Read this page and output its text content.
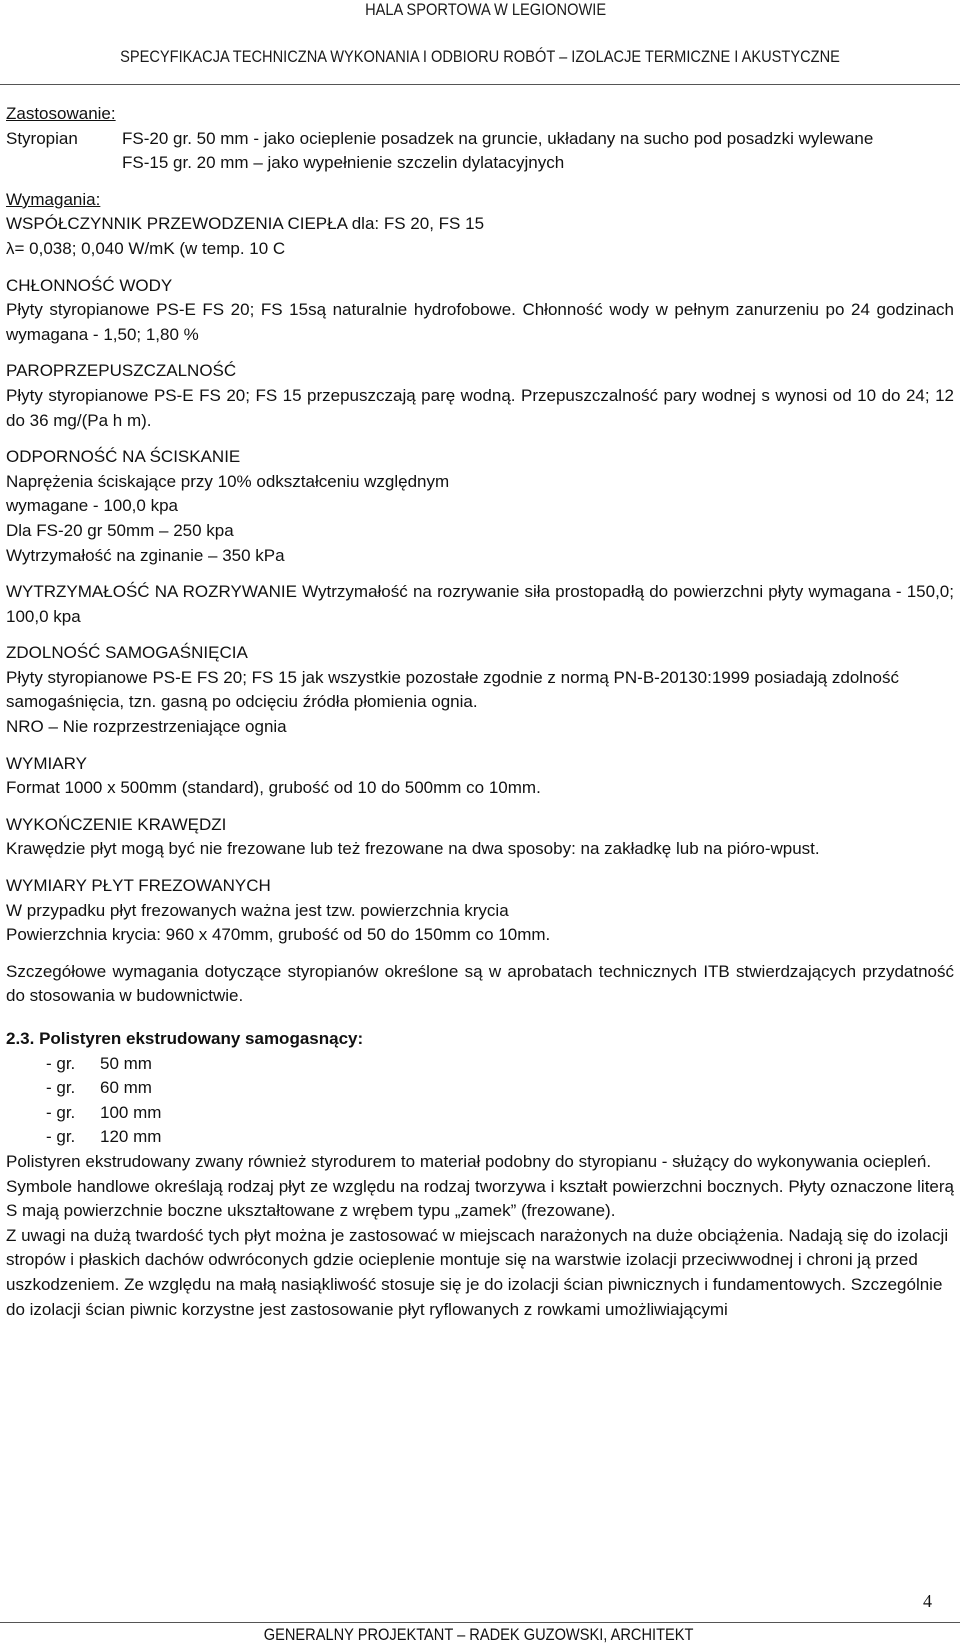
HALA SPORTOWA W LEGIONOWIE
SPECYFIKACJA TECHNICZNA WYKONANIA I ODBIORU ROBÓT – IZOLACJE TERMICZNE I AKUSTYCZNE

Zastosowanie:

Styropian	FS-20 gr. 50 mm - jako ocieplenie posadzek na gruncie, układany na sucho pod posadzki wylewane

FS-15 gr. 20 mm – jako wypełnienie szczelin dylatacyjnych

Wymagania:

WSPÓŁCZYNNIK PRZEWODZENIA CIEPŁA dla: FS 20, FS 15

λ= 0,038; 0,040 W/mK (w temp. 10 C

CHŁONNOŚĆ WODY

Płyty styropianowe PS-E FS 20; FS 15są naturalnie hydrofobowe. Chłonność wody w pełnym zanurzeniu po 24 godzinach wymagana - 1,50; 1,80 %

PAROPRZEPUSZCZALNOŚĆ

Płyty styropianowe PS-E FS 20; FS 15 przepuszczają parę wodną. Przepuszczalność pary wodnej s wynosi od 10 do 24; 12 do 36 mg/(Pa h m).

ODPORNOŚĆ NA ŚCISKANIE

Naprężenia ściskające przy 10% odkształceniu względnym

wymagane - 100,0 kpa

Dla FS-20 gr 50mm – 250 kpa

Wytrzymałość na zginanie – 350 kPa

WYTRZYMAŁOŚĆ NA ROZRYWANIE Wytrzymałość na rozrywanie siła prostopadłą do powierzchni płyty wymagana - 150,0; 100,0 kpa

ZDOLNOŚĆ SAMOGAŚNIĘCIA

Płyty styropianowe PS-E FS 20; FS 15 jak wszystkie pozostałe zgodnie z normą PN-B-20130:1999 posiadają zdolność samogaśnięcia, tzn. gasną po odcięciu źródła płomienia ognia.

NRO – Nie rozprzestrzeniające ognia

WYMIARY

Format 1000 x 500mm (standard), grubość od 10 do 500mm co 10mm.

WYKOŃCZENIE KRAWĘDZI

Krawędzie płyt mogą być nie frezowane lub też frezowane na dwa sposoby: na zakładkę lub na pióro-wpust.

WYMIARY PŁYT FREZOWANYCH

W przypadku płyt frezowanych ważna jest tzw. powierzchnia krycia

Powierzchnia krycia: 960 x 470mm, grubość od 50 do 150mm co 10mm.

Szczegółowe wymagania dotyczące styropianów określone są w aprobatach technicznych ITB stwierdzających przydatność do stosowania w budownictwie.

2.3. Polistyren ekstrudowany samogasnący:

- gr. 50 mm

- gr. 60 mm

- gr. 100 mm

- gr. 120 mm

Polistyren ekstrudowany zwany również styrodurem to materiał podobny do styropianu - służący do wykonywania ociepleń.

Symbole handlowe określają rodzaj płyt ze względu na rodzaj tworzywa i kształt powierzchni bocznych. Płyty oznaczone literą S mają powierzchnie boczne ukształtowane z wrębem typu „zamek” (frezowane).

Z uwagi na dużą twardość tych płyt można je zastosować w miejscach narażonych na duże obciążenia. Nadają się do izolacji stropów i płaskich dachów odwróconych gdzie ocieplenie montuje się na warstwie izolacji przeciwwodnej i chroni ją przed uszkodzeniem. Ze względu na małą nasiąkliwość stosuje się je do izolacji ścian piwnicznych i fundamentowych. Szczególnie do izolacji ścian piwnic korzystne jest zastosowanie płyt ryflowanych z rowkami umożliwiającymi

4
GENERALNY PROJEKTANT – RADEK GUZOWSKI, ARCHITEKT
